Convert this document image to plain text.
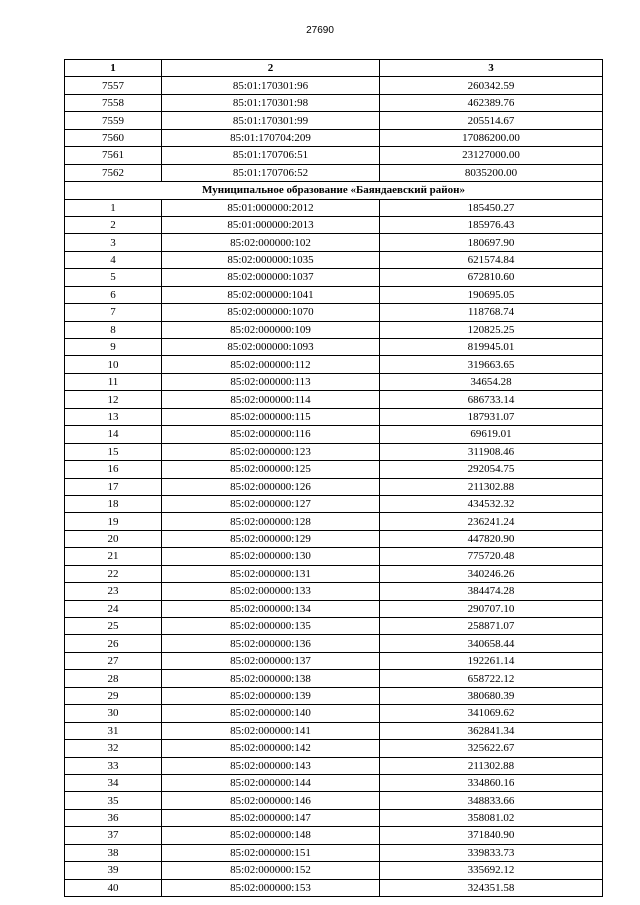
27690
1	2	3
7557	85:01:170301:96	260342.59
7558	85:01:170301:98	462389.76
7559	85:01:170301:99	205514.67
7560	85:01:170704:209	17086200.00
7561	85:01:170706:51	23127000.00
7562	85:01:170706:52	8035200.00
Муниципальное образование «Баяндаевский район»		
1	85:01:000000:2012	185450.27
2	85:01:000000:2013	185976.43
3	85:02:000000:102	180697.90
4	85:02:000000:1035	621574.84
5	85:02:000000:1037	672810.60
6	85:02:000000:1041	190695.05
7	85:02:000000:1070	118768.74
8	85:02:000000:109	120825.25
9	85:02:000000:1093	819945.01
10	85:02:000000:112	319663.65
11	85:02:000000:113	34654.28
12	85:02:000000:114	686733.14
13	85:02:000000:115	187931.07
14	85:02:000000:116	69619.01
15	85:02:000000:123	311908.46
16	85:02:000000:125	292054.75
17	85:02:000000:126	211302.88
18	85:02:000000:127	434532.32
19	85:02:000000:128	236241.24
20	85:02:000000:129	447820.90
21	85:02:000000:130	775720.48
22	85:02:000000:131	340246.26
23	85:02:000000:133	384474.28
24	85:02:000000:134	290707.10
25	85:02:000000:135	258871.07
26	85:02:000000:136	340658.44
27	85:02:000000:137	192261.14
28	85:02:000000:138	658722.12
29	85:02:000000:139	380680.39
30	85:02:000000:140	341069.62
31	85:02:000000:141	362841.34
32	85:02:000000:142	325622.67
33	85:02:000000:143	211302.88
34	85:02:000000:144	334860.16
35	85:02:000000:146	348833.66
36	85:02:000000:147	358081.02
37	85:02:000000:148	371840.90
38	85:02:000000:151	339833.73
39	85:02:000000:152	335692.12
40	85:02:000000:153	324351.58
